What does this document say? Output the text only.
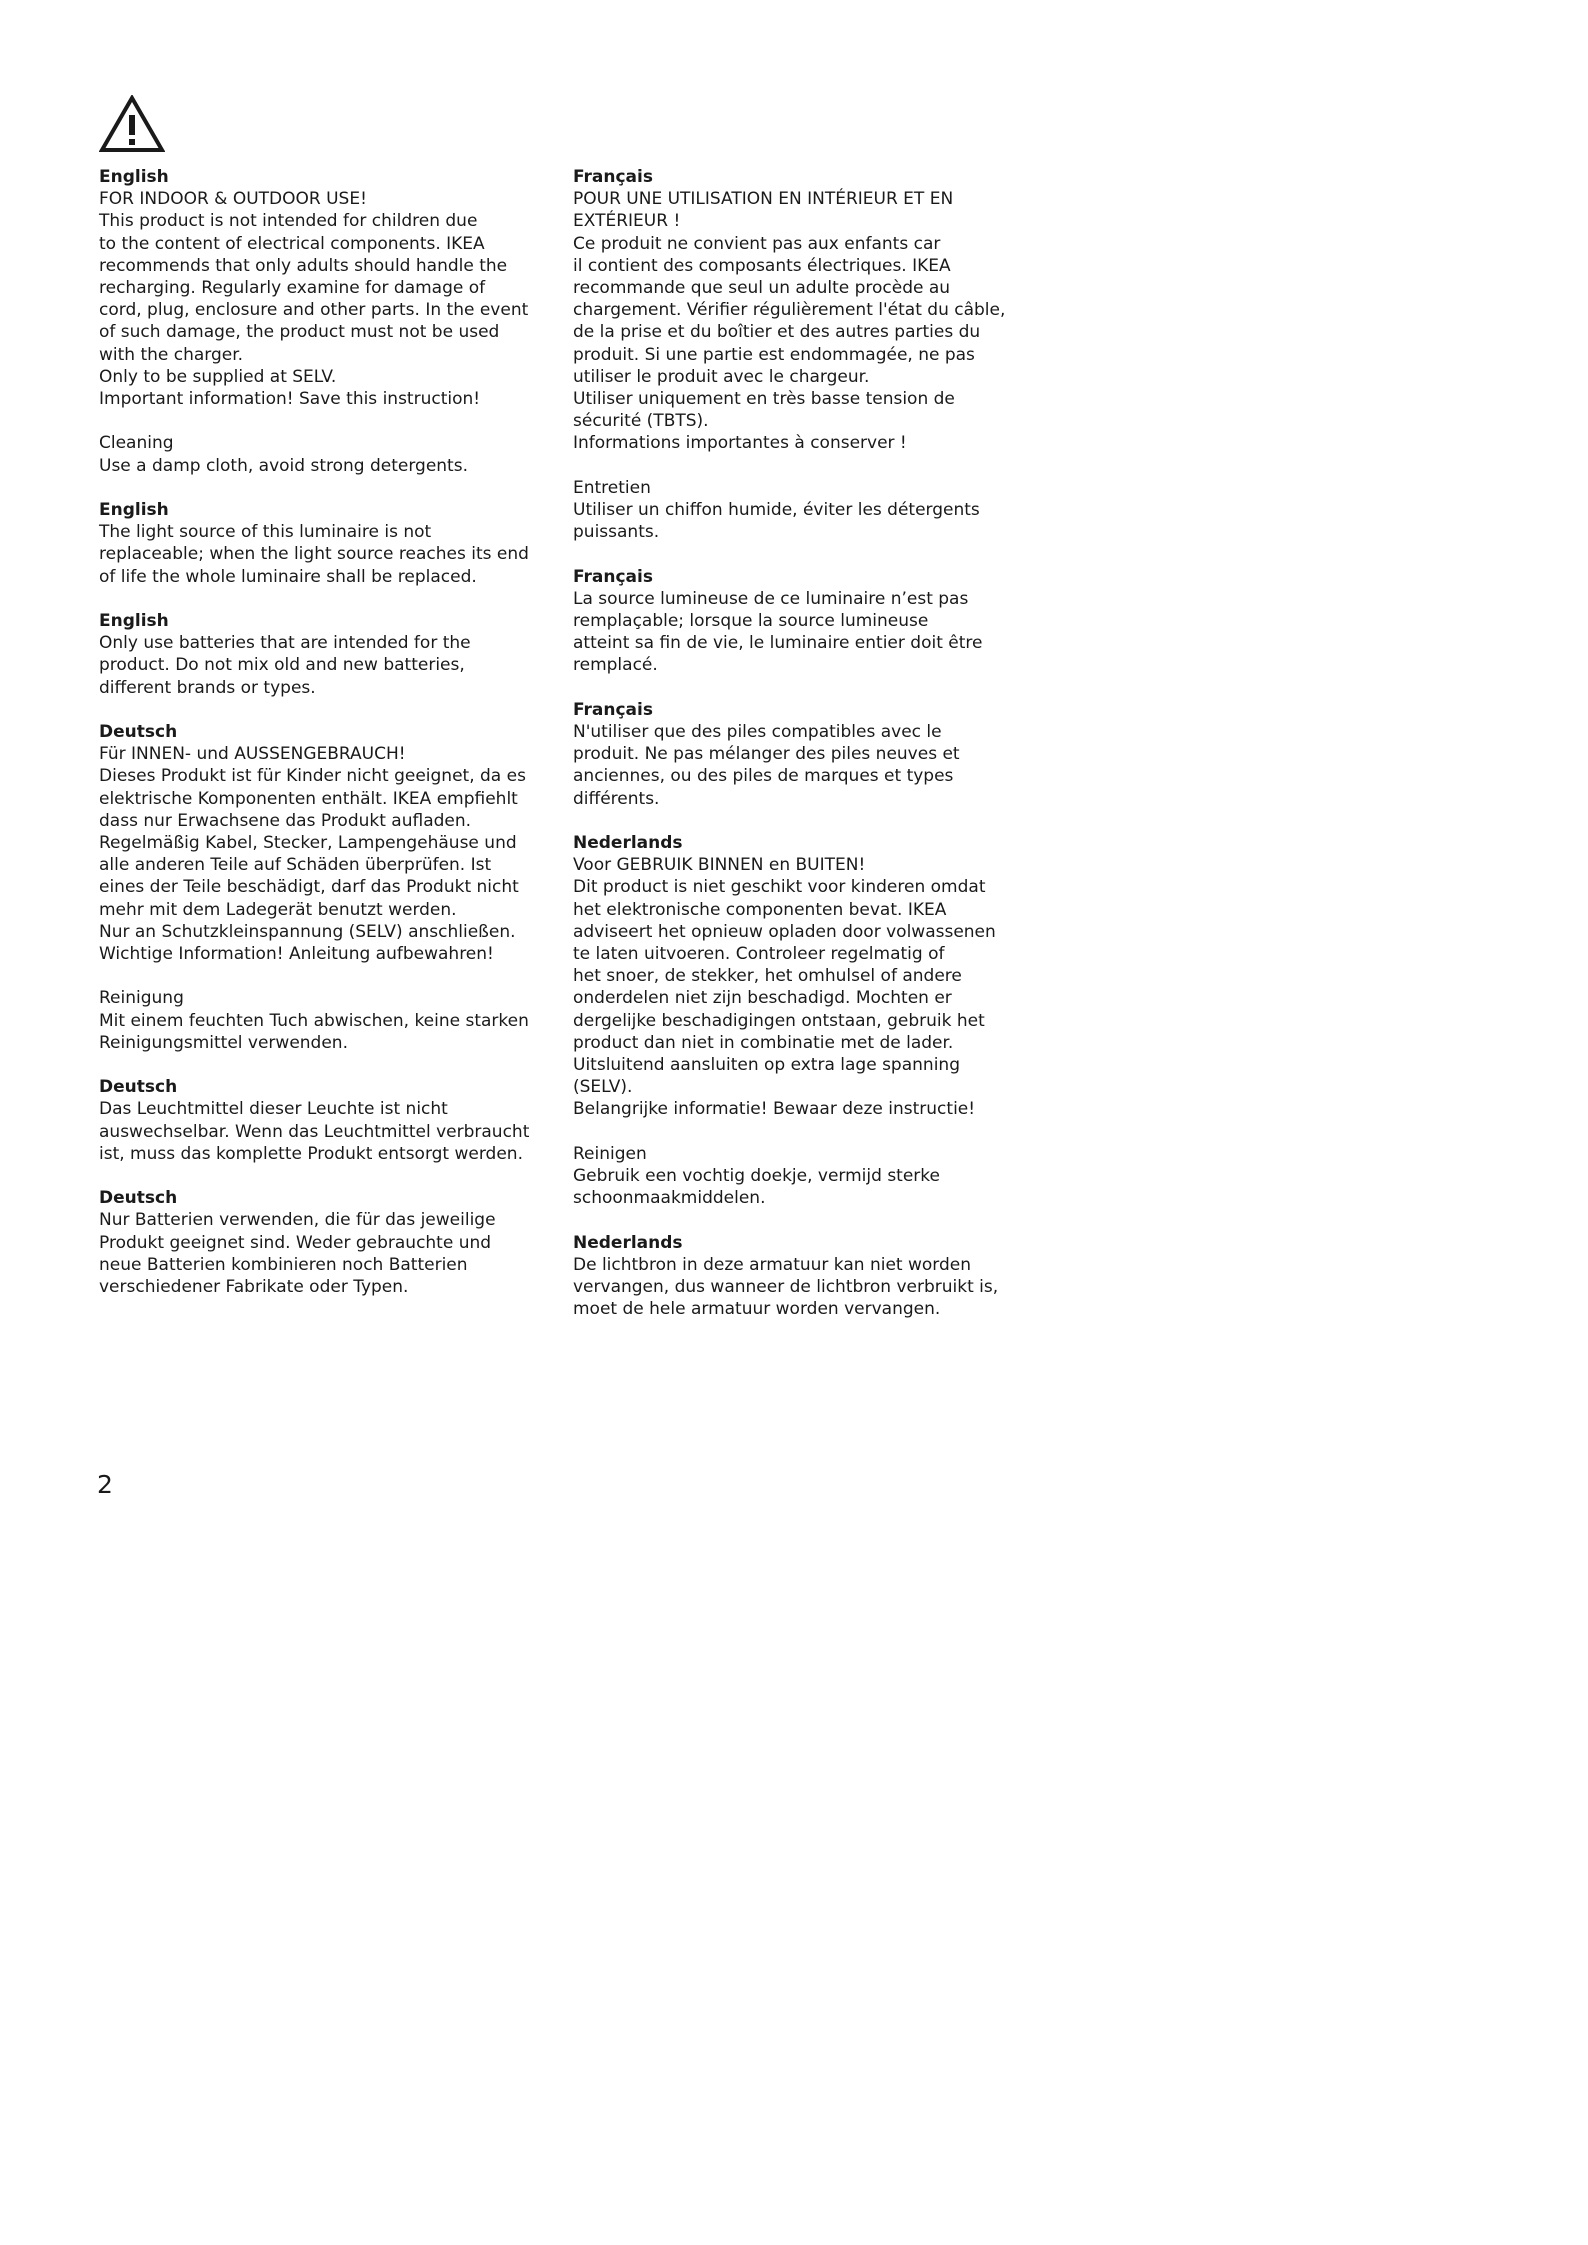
English
FOR INDOOR & OUTDOOR USE!
This product is not intended for children due
to the content of electrical components. IKEA
recommends that only adults should handle the
recharging. Regularly examine for damage of
cord, plug, enclosure and other parts. In the event
of such damage, the product must not be used
with the charger.
Only to be supplied at SELV.
Important information! Save this instruction!
Cleaning
Use a damp cloth, avoid strong detergents.
English
The light source of this luminaire is not
replaceable; when the light source reaches its end
of life the whole luminaire shall be replaced.
English
Only use batteries that are intended for the
product. Do not mix old and new batteries,
different brands or types.
Deutsch
Für INNEN- und AUSSENGEBRAUCH!
Dieses Produkt ist für Kinder nicht geeignet, da es
elektrische Komponenten enthält. IKEA empfiehlt
dass nur Erwachsene das Produkt aufladen.
Regelmäßig Kabel, Stecker, Lampengehäuse und
alle anderen Teile auf Schäden überprüfen. Ist
eines der Teile beschädigt, darf das Produkt nicht
mehr mit dem Ladegerät benutzt werden.
Nur an Schutzkleinspannung (SELV) anschließen.
Wichtige Information! Anleitung aufbewahren!
Reinigung
Mit einem feuchten Tuch abwischen, keine starken
Reinigungsmittel verwenden.
Deutsch
Das Leuchtmittel dieser Leuchte ist nicht
auswechselbar. Wenn das Leuchtmittel verbraucht
ist, muss das komplette Produkt entsorgt werden.
Deutsch
Nur Batterien verwenden, die für das jeweilige
Produkt geeignet sind. Weder gebrauchte und
neue Batterien kombinieren noch Batterien
verschiedener Fabrikate oder Typen.
Français
POUR UNE UTILISATION EN INTÉRIEUR ET EN
EXTÉRIEUR !
Ce produit ne convient pas aux enfants car
il contient des composants électriques. IKEA
recommande que seul un adulte procède au
chargement. Vérifier régulièrement l'état du câble,
de la prise et du boîtier et des autres parties du
produit. Si une partie est endommagée, ne pas
utiliser le produit avec le chargeur.
Utiliser uniquement en très basse tension de
sécurité (TBTS).
Informations importantes à conserver !
Entretien
Utiliser un chiffon humide, éviter les détergents
puissants.
Français
La source lumineuse de ce luminaire n’est pas
remplaçable; lorsque la source lumineuse
atteint sa fin de vie, le luminaire entier doit être
remplacé.
Français
N'utiliser que des piles compatibles avec le
produit. Ne pas mélanger des piles neuves et
anciennes, ou des piles de marques et types
différents.
Nederlands
Voor GEBRUIK BINNEN en BUITEN!
Dit product is niet geschikt voor kinderen omdat
het elektronische componenten bevat. IKEA
adviseert het opnieuw opladen door volwassenen
te laten uitvoeren. Controleer regelmatig of
het snoer, de stekker, het omhulsel of andere
onderdelen niet zijn beschadigd. Mochten er
dergelijke beschadigingen ontstaan, gebruik het
product dan niet in combinatie met de lader.
Uitsluitend aansluiten op extra lage spanning
(SELV).
Belangrijke informatie! Bewaar deze instructie!
Reinigen
Gebruik een vochtig doekje, vermijd sterke
schoonmaakmiddelen.
Nederlands
De lichtbron in deze armatuur kan niet worden
vervangen, dus wanneer de lichtbron verbruikt is,
moet de hele armatuur worden vervangen.
2
